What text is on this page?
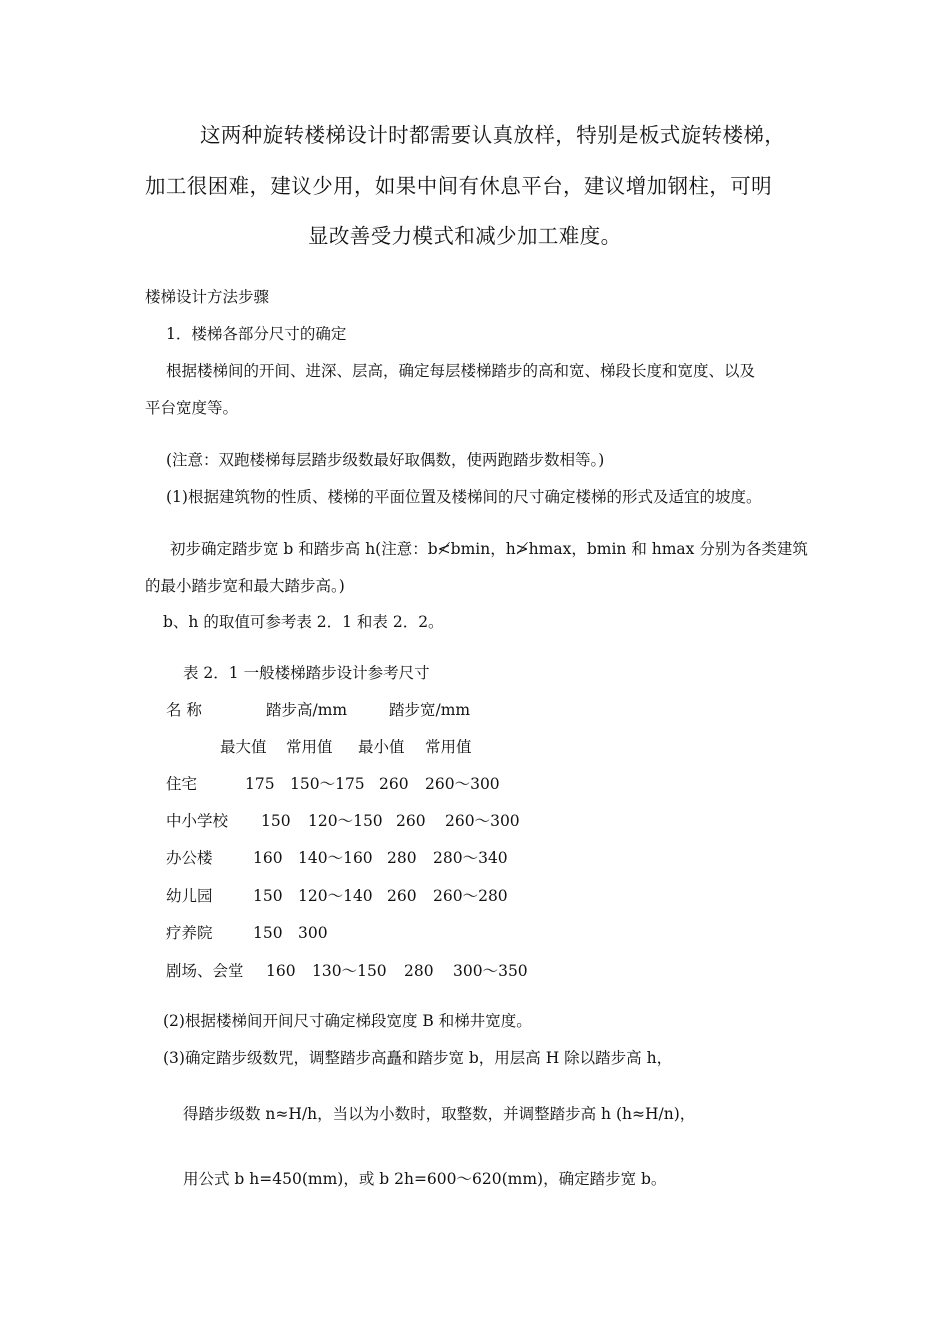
这两种旋转楼梯设计时都需要认真放样，特别是板式旋转楼梯，
加工很困难，建议少用，如果中间有休息平台，建议增加钢柱，可明
显改善受力模式和减少加工难度。
楼梯设计方法步骤
1．楼梯各部分尺寸的确定
根据楼梯间的开间、进深、层高，确定每层楼梯踏步的高和宽、梯段长度和宽度、以及
平台宽度等。
(注意：双跑楼梯每层踏步级数最好取偶数，使两跑踏步数相等。)
(1)根据建筑物的性质、楼梯的平面位置及楼梯间的尺寸确定楼梯的形式及适宜的坡度。
初步确定踏步宽 b 和踏步高 h(注意：b≮bmin，h≯hmax，bmin 和 hmax 分别为各类建筑
的最小踏步宽和最大踏步高。)
b、h 的取值可参考表 2．1 和表 2．2。
表 2．1 一般楼梯踏步设计参考尺寸
名 称	踏步高/mm	踏步宽/mm
最大值 常用值 最小值 常用值
住宅	175 150～175 260 260～300
中小学校 150 120～150 260 260～300
办公楼	160 140～160 280 280～340
幼儿园	150 120～140 260 260～280
疗养院	150 300
剧场、会堂 160 130～150 280 300～350
(2)根据楼梯间开间尺寸确定梯段宽度 B 和梯井宽度。
(3)确定踏步级数咒，调整踏步高矗和踏步宽 b，用层高 H 除以踏步高 h，
得踏步级数 n≈H/h，当以为小数时，取整数，并调整踏步高 h (h≈H/n)，
用公式 b h=450(mm)，或 b 2h=600～620(mm)，确定踏步宽 b。
